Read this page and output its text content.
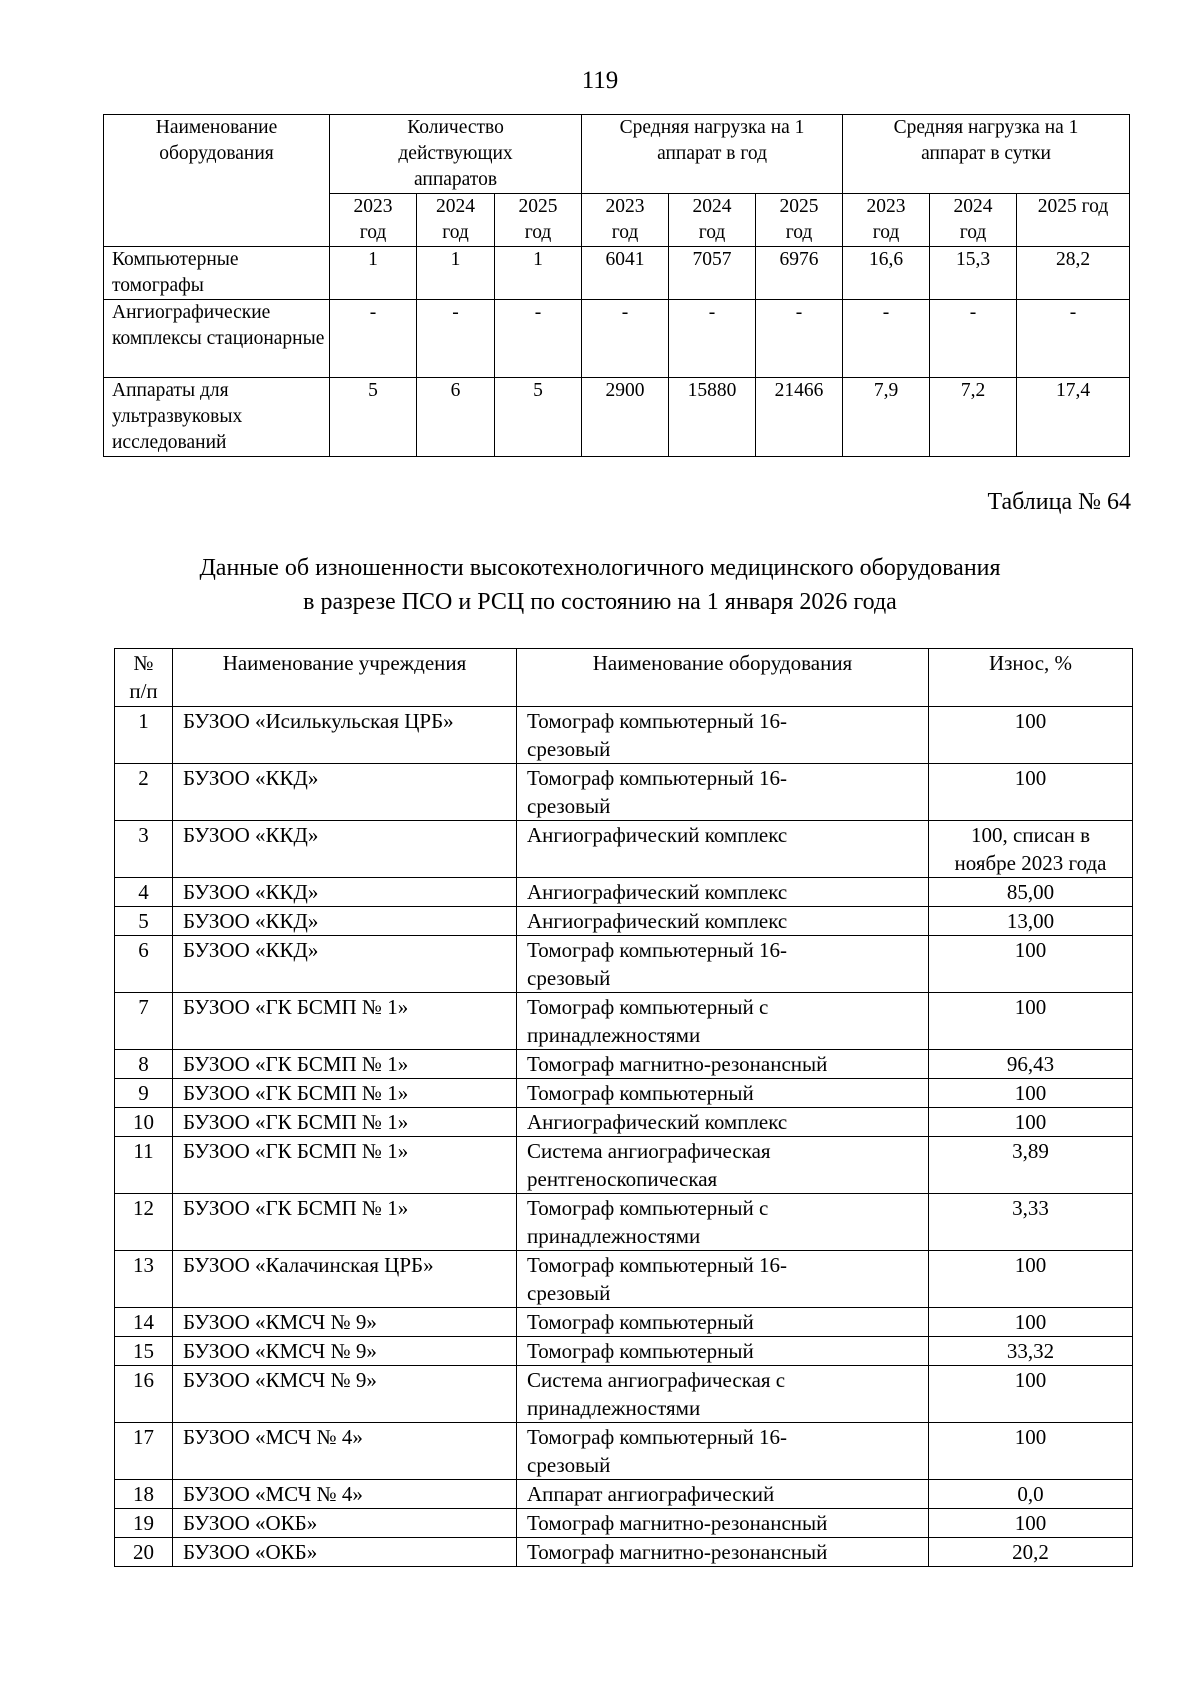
119
Наименование оборудования	Количество действующих аппаратов			Средняя нагрузка на 1 аппарат в год			Средняя нагрузка на 1 аппарат в сутки		
	2023 год	2024 год	2025 год	2023 год	2024 год	2025 год	2023 год	2024 год	2025 год
Компьютерные томографы	1	1	1	6041	7057	6976	16,6	15,3	28,2
Ангиографические комплексы стационарные	-	-	-	-	-	-	-	-	-
Аппараты для ультразвуковых исследований	5	6	5	2900	15880	21466	7,9	7,2	17,4
Таблица № 64
Данные об изношенности высокотехнологичного медицинского оборудования
в разрезе ПСО и РСЦ по состоянию на 1 января 2026 года
№ п/п	Наименование учреждения	Наименование оборудования	Износ, %
1	БУЗОО «Исилькульская ЦРБ»	Томограф компьютерный 16-срезовый	100
2	БУЗОО «ККД»	Томограф компьютерный 16-срезовый	100
3	БУЗОО «ККД»	Ангиографический комплекс	100, списан в ноябре 2023 года
4	БУЗОО «ККД»	Ангиографический комплекс	85,00
5	БУЗОО «ККД»	Ангиографический комплекс	13,00
6	БУЗОО «ККД»	Томограф компьютерный 16-срезовый	100
7	БУЗОО «ГК БСМП № 1»	Томограф компьютерный с принадлежностями	100
8	БУЗОО «ГК БСМП № 1»	Томограф магнитно-резонансный	96,43
9	БУЗОО «ГК БСМП № 1»	Томограф компьютерный	100
10	БУЗОО «ГК БСМП № 1»	Ангиографический комплекс	100
11	БУЗОО «ГК БСМП № 1»	Система ангиографическая рентгеноскопическая	3,89
12	БУЗОО «ГК БСМП № 1»	Томограф компьютерный с принадлежностями	3,33
13	БУЗОО «Калачинская ЦРБ»	Томограф компьютерный 16-срезовый	100
14	БУЗОО «КМСЧ № 9»	Томограф компьютерный	100
15	БУЗОО «КМСЧ № 9»	Томограф компьютерный	33,32
16	БУЗОО «КМСЧ № 9»	Система ангиографическая с принадлежностями	100
17	БУЗОО «МСЧ № 4»	Томограф компьютерный 16-срезовый	100
18	БУЗОО «МСЧ № 4»	Аппарат ангиографический	0,0
19	БУЗОО «ОКБ»	Томограф магнитно-резонансный	100
20	БУЗОО «ОКБ»	Томограф магнитно-резонансный	20,2
